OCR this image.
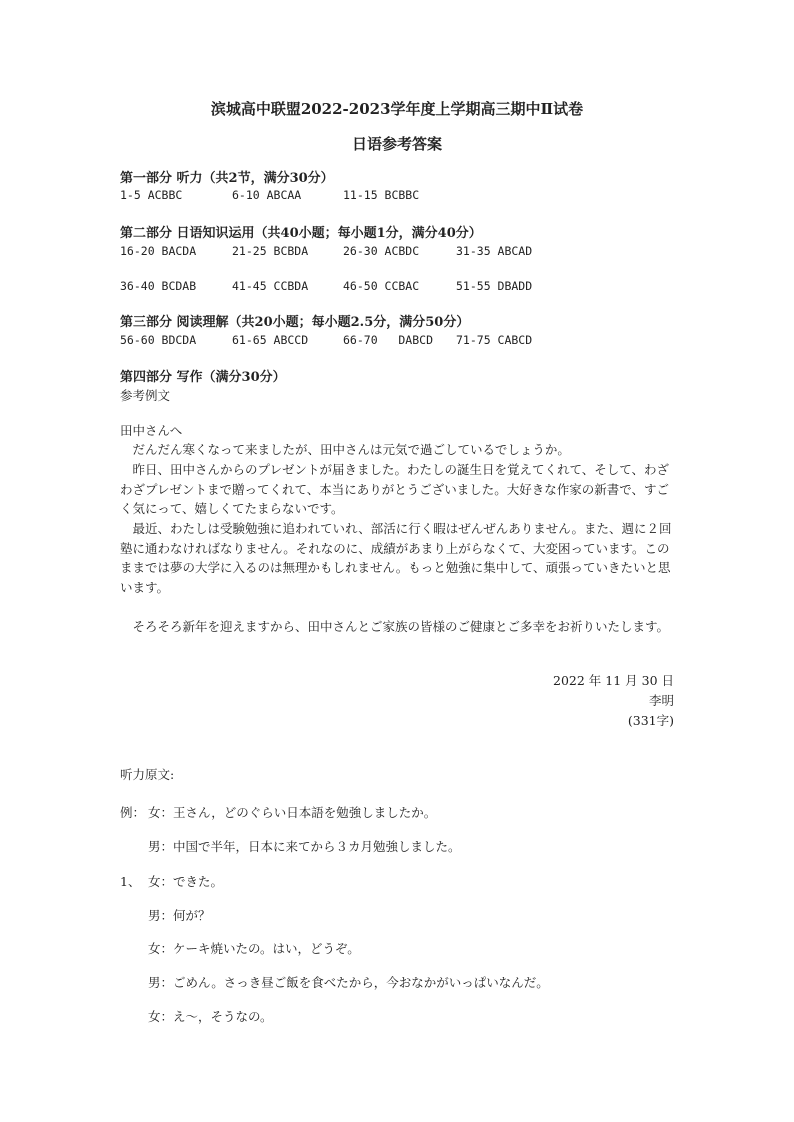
滨城高中联盟2022-2023学年度上学期高三期中Ⅱ试卷
日语参考答案
第一部分 听力（共2节，满分30分）
1-5 ACBBC	6-10 ABCAA	11-15 BCBBC
第二部分 日语知识运用（共40小题；每小题1分，满分40分）
16-20 BACDA	21-25 BCBDA	26-30 ACBDC	31-35 ABCAD
36-40 BCDAB	41-45 CCBDA	46-50 CCBAC	51-55 DBADD
第三部分 阅读理解（共20小题；每小题2.5分，满分50分）
56-60 BDCDA	61-65 ABCCD	66-70   DABCD 71-75 CABCD
第四部分 写作（满分30分）
参考例文
田中さんへ
だんだん寒くなって来ましたが、田中さんは元気で過ごしているでしょうか。
昨日、田中さんからのプレゼントが届きました。わたしの誕生日を覚えてくれて、そして、わざわざプレゼントまで贈ってくれて、本当にありがとうございました。大好きな作家の新書で、すごく気にって、嬉しくてたまらないです。
最近、わたしは受験勉強に追われていれ、部活に行く暇はぜんぜんありません。また、週に２回塾に通わなければなりません。それなのに、成績があまり上がらなくて、大変困っています。このままでは夢の大学に入るのは無理かもしれません。もっと勉強に集中して、頑張っていきたいと思います。
そろそろ新年を迎えますから、田中さんとご家族の皆様のご健康とご多幸をお祈りいたします。
2022 年 11 月 30 日
李明
(331字)
听力原文:
例： 女：王さん，どのぐらい日本語を勉強しましたか。
男：中国で半年，日本に来てから３カ月勉強しました。
1、 女：できた。
男：何が？
女：ケーキ焼いたの。はい，どうぞ。
男：ごめん。さっき昼ご飯を食べたから，今おなかがいっぱいなんだ。
女：え～，そうなの。
